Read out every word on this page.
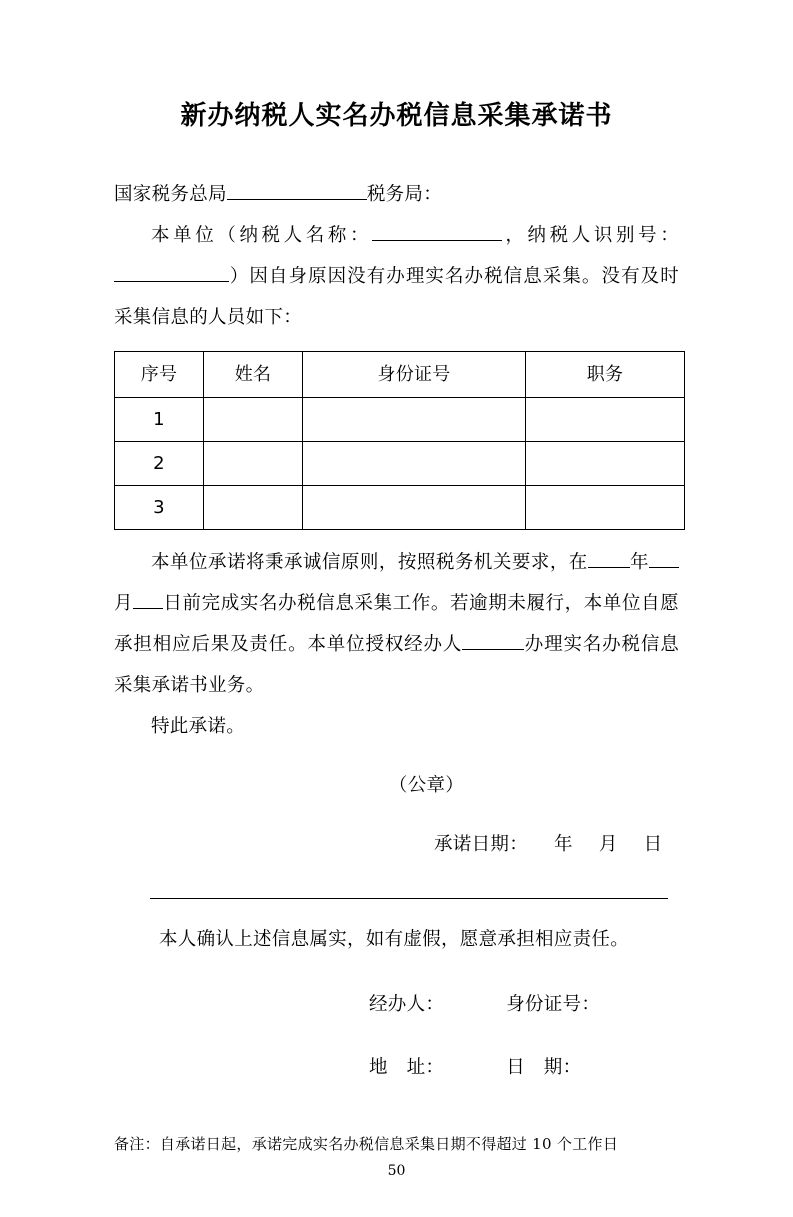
新办纳税人实名办税信息采集承诺书

国家税务总局	税务局：

本单位（纳税人名称：	，纳税人识别号：）因自身原因没有办理实名办税信息采集。没有及时采集信息的人员如下：

序号	姓名	身份证号	职务
1			
2			
3			

本单位承诺将秉承诚信原则，按照税务机关要求，在 年月 日前完成实名办税信息采集工作。若逾期未履行，本单位自愿承担相应后果及责任。本单位授权经办人	办理实名办税信息采集承诺书业务。

特此承诺。

（公章）
承诺日期： 年 月 日
本人确认上述信息属实，如有虚假，愿意承担相应责任。
经办人：	身份证号：
地　址：	日　期：
备注：自承诺日起，承诺完成实名办税信息采集日期不得超过 10 个工作日
50
